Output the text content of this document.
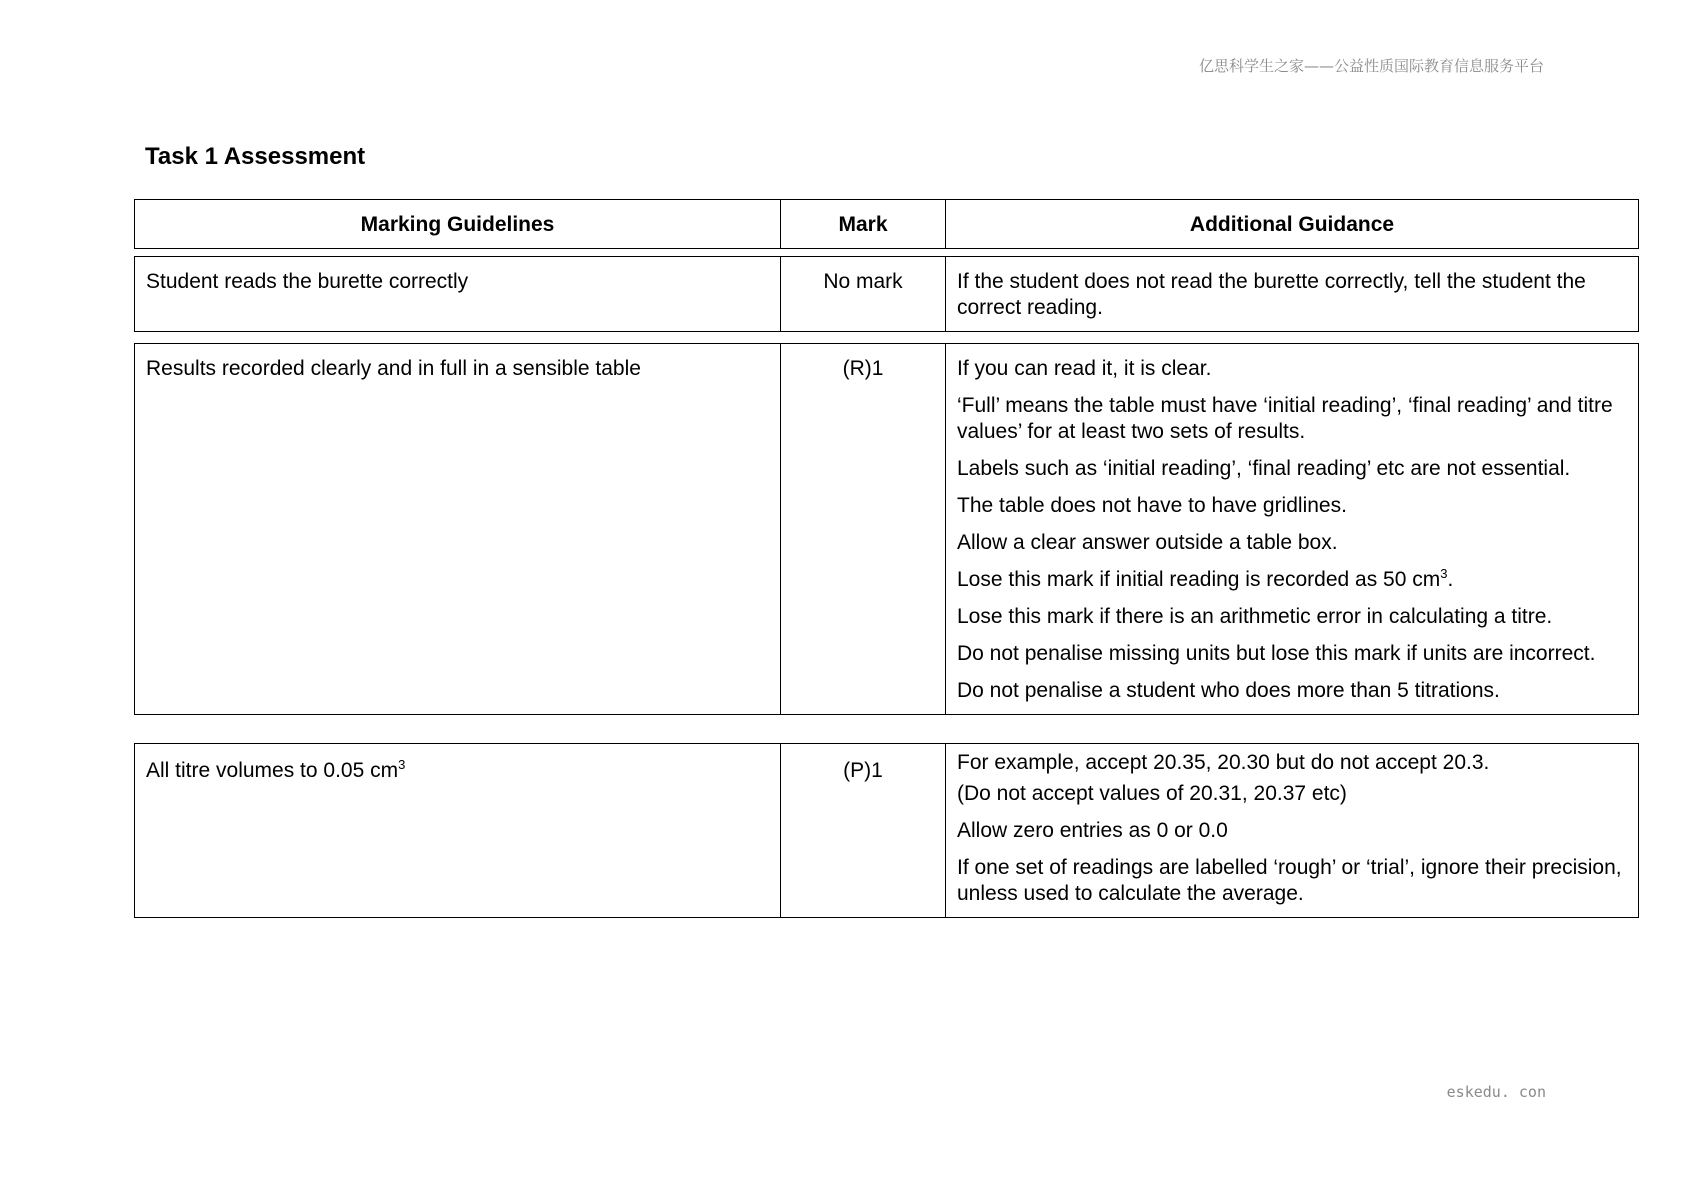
亿思科学生之家——公益性质国际教育信息服务平台
Task 1 Assessment
Marking Guidelines	Mark	Additional Guidance
Student reads the burette correctly	No mark	If the student does not read the burette correctly, tell the student the correct reading.
Results recorded clearly and in full in a sensible table	(R)1	If you can read it, it is clear.
‘Full’ means the table must have ‘initial reading’, ‘final reading’ and titre values’ for at least two sets of results.
Labels such as ‘initial reading’, ‘final reading’ etc are not essential.
The table does not have to have gridlines.
Allow a clear answer outside a table box.
Lose this mark if initial reading is recorded as 50 $cm^3$.
Lose this mark if there is an arithmetic error in calculating a titre.
Do not penalise missing units but lose this mark if units are incorrect.
Do not penalise a student who does more than 5 titrations.
All titre volumes to 0.05 $cm^3$	(P)1	For example, accept 20.35, 20.30 but do not accept 20.3.
(Do not accept values of 20.31, 20.37 etc)
Allow zero entries as 0 or 0.0
If one set of readings are labelled ‘rough’ or ‘trial’, ignore their precision, unless used to calculate the average.
eskedu. con
